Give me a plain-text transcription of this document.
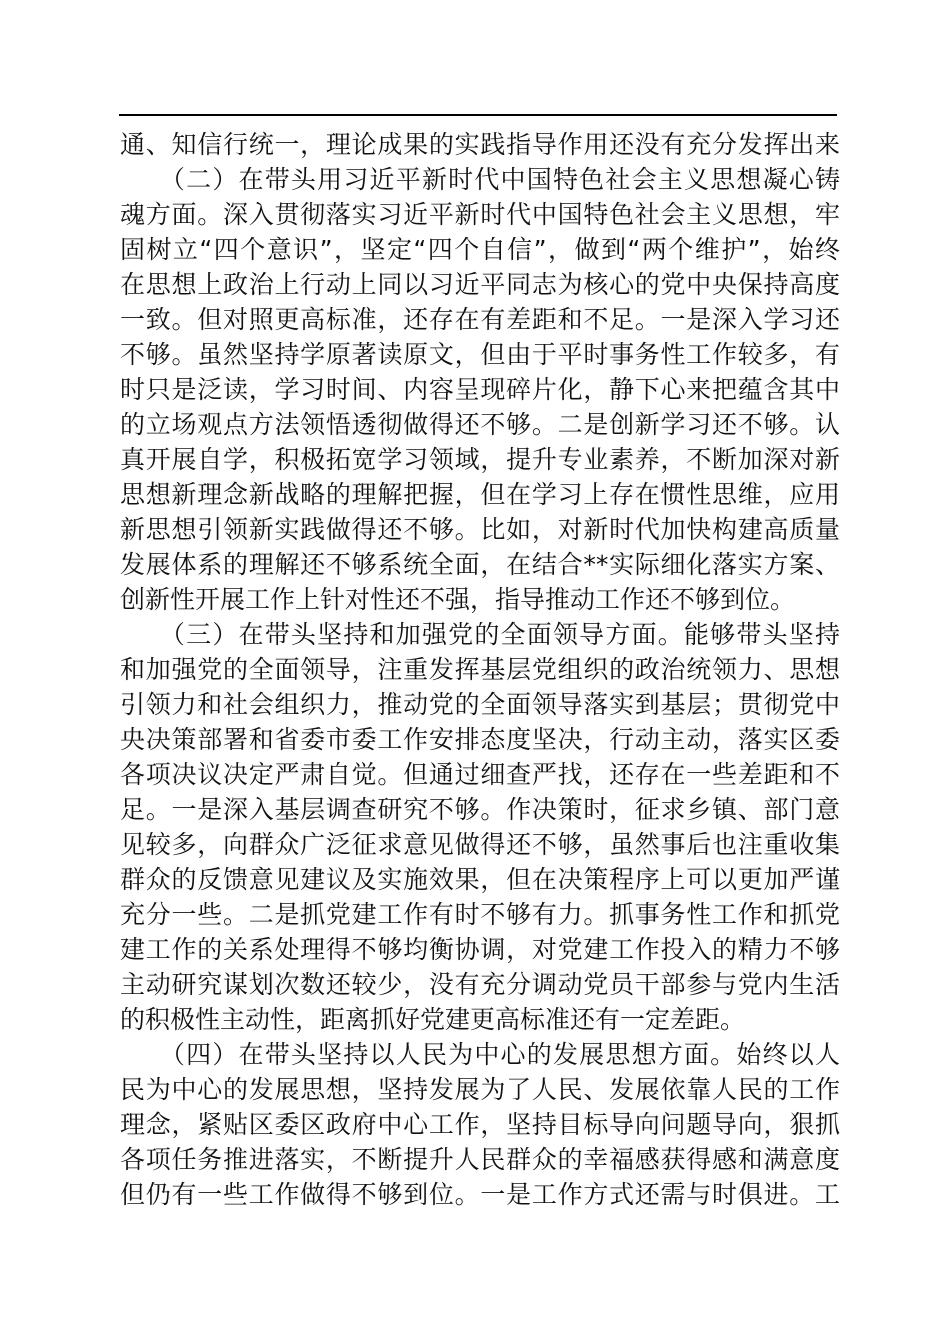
通、知信行统一，理论成果的实践指导作用还没有充分发挥出来
　　（二）在带头用习近平新时代中国特色社会主义思想凝心铸
魂方面。深入贯彻落实习近平新时代中国特色社会主义思想，牢
固树立“四个意识”，坚定“四个自信”，做到“两个维护”，始终
在思想上政治上行动上同以习近平同志为核心的党中央保持高度
一致。但对照更高标准，还存在有差距和不足。一是深入学习还
不够。虽然坚持学原著读原文，但由于平时事务性工作较多，有
时只是泛读，学习时间、内容呈现碎片化，静下心来把蕴含其中
的立场观点方法领悟透彻做得还不够。二是创新学习还不够。认
真开展自学，积极拓宽学习领域，提升专业素养，不断加深对新
思想新理念新战略的理解把握，但在学习上存在惯性思维，应用
新思想引领新实践做得还不够。比如，对新时代加快构建高质量
发展体系的理解还不够系统全面，在结合**实际细化落实方案、
创新性开展工作上针对性还不强，指导推动工作还不够到位。
　　（三）在带头坚持和加强党的全面领导方面。能够带头坚持
和加强党的全面领导，注重发挥基层党组织的政治统领力、思想
引领力和社会组织力，推动党的全面领导落实到基层；贯彻党中
央决策部署和省委市委工作安排态度坚决，行动主动，落实区委
各项决议决定严肃自觉。但通过细查严找，还存在一些差距和不
足。一是深入基层调查研究不够。作决策时，征求乡镇、部门意
见较多，向群众广泛征求意见做得还不够，虽然事后也注重收集
群众的反馈意见建议及实施效果，但在决策程序上可以更加严谨
充分一些。二是抓党建工作有时不够有力。抓事务性工作和抓党
建工作的关系处理得不够均衡协调，对党建工作投入的精力不够
主动研究谋划次数还较少，没有充分调动党员干部参与党内生活
的积极性主动性，距离抓好党建更高标准还有一定差距。
　　（四）在带头坚持以人民为中心的发展思想方面。始终以人
民为中心的发展思想，坚持发展为了人民、发展依靠人民的工作
理念，紧贴区委区政府中心工作，坚持目标导向问题导向，狠抓
各项任务推进落实，不断提升人民群众的幸福感获得感和满意度
但仍有一些工作做得不够到位。一是工作方式还需与时俱进。工
